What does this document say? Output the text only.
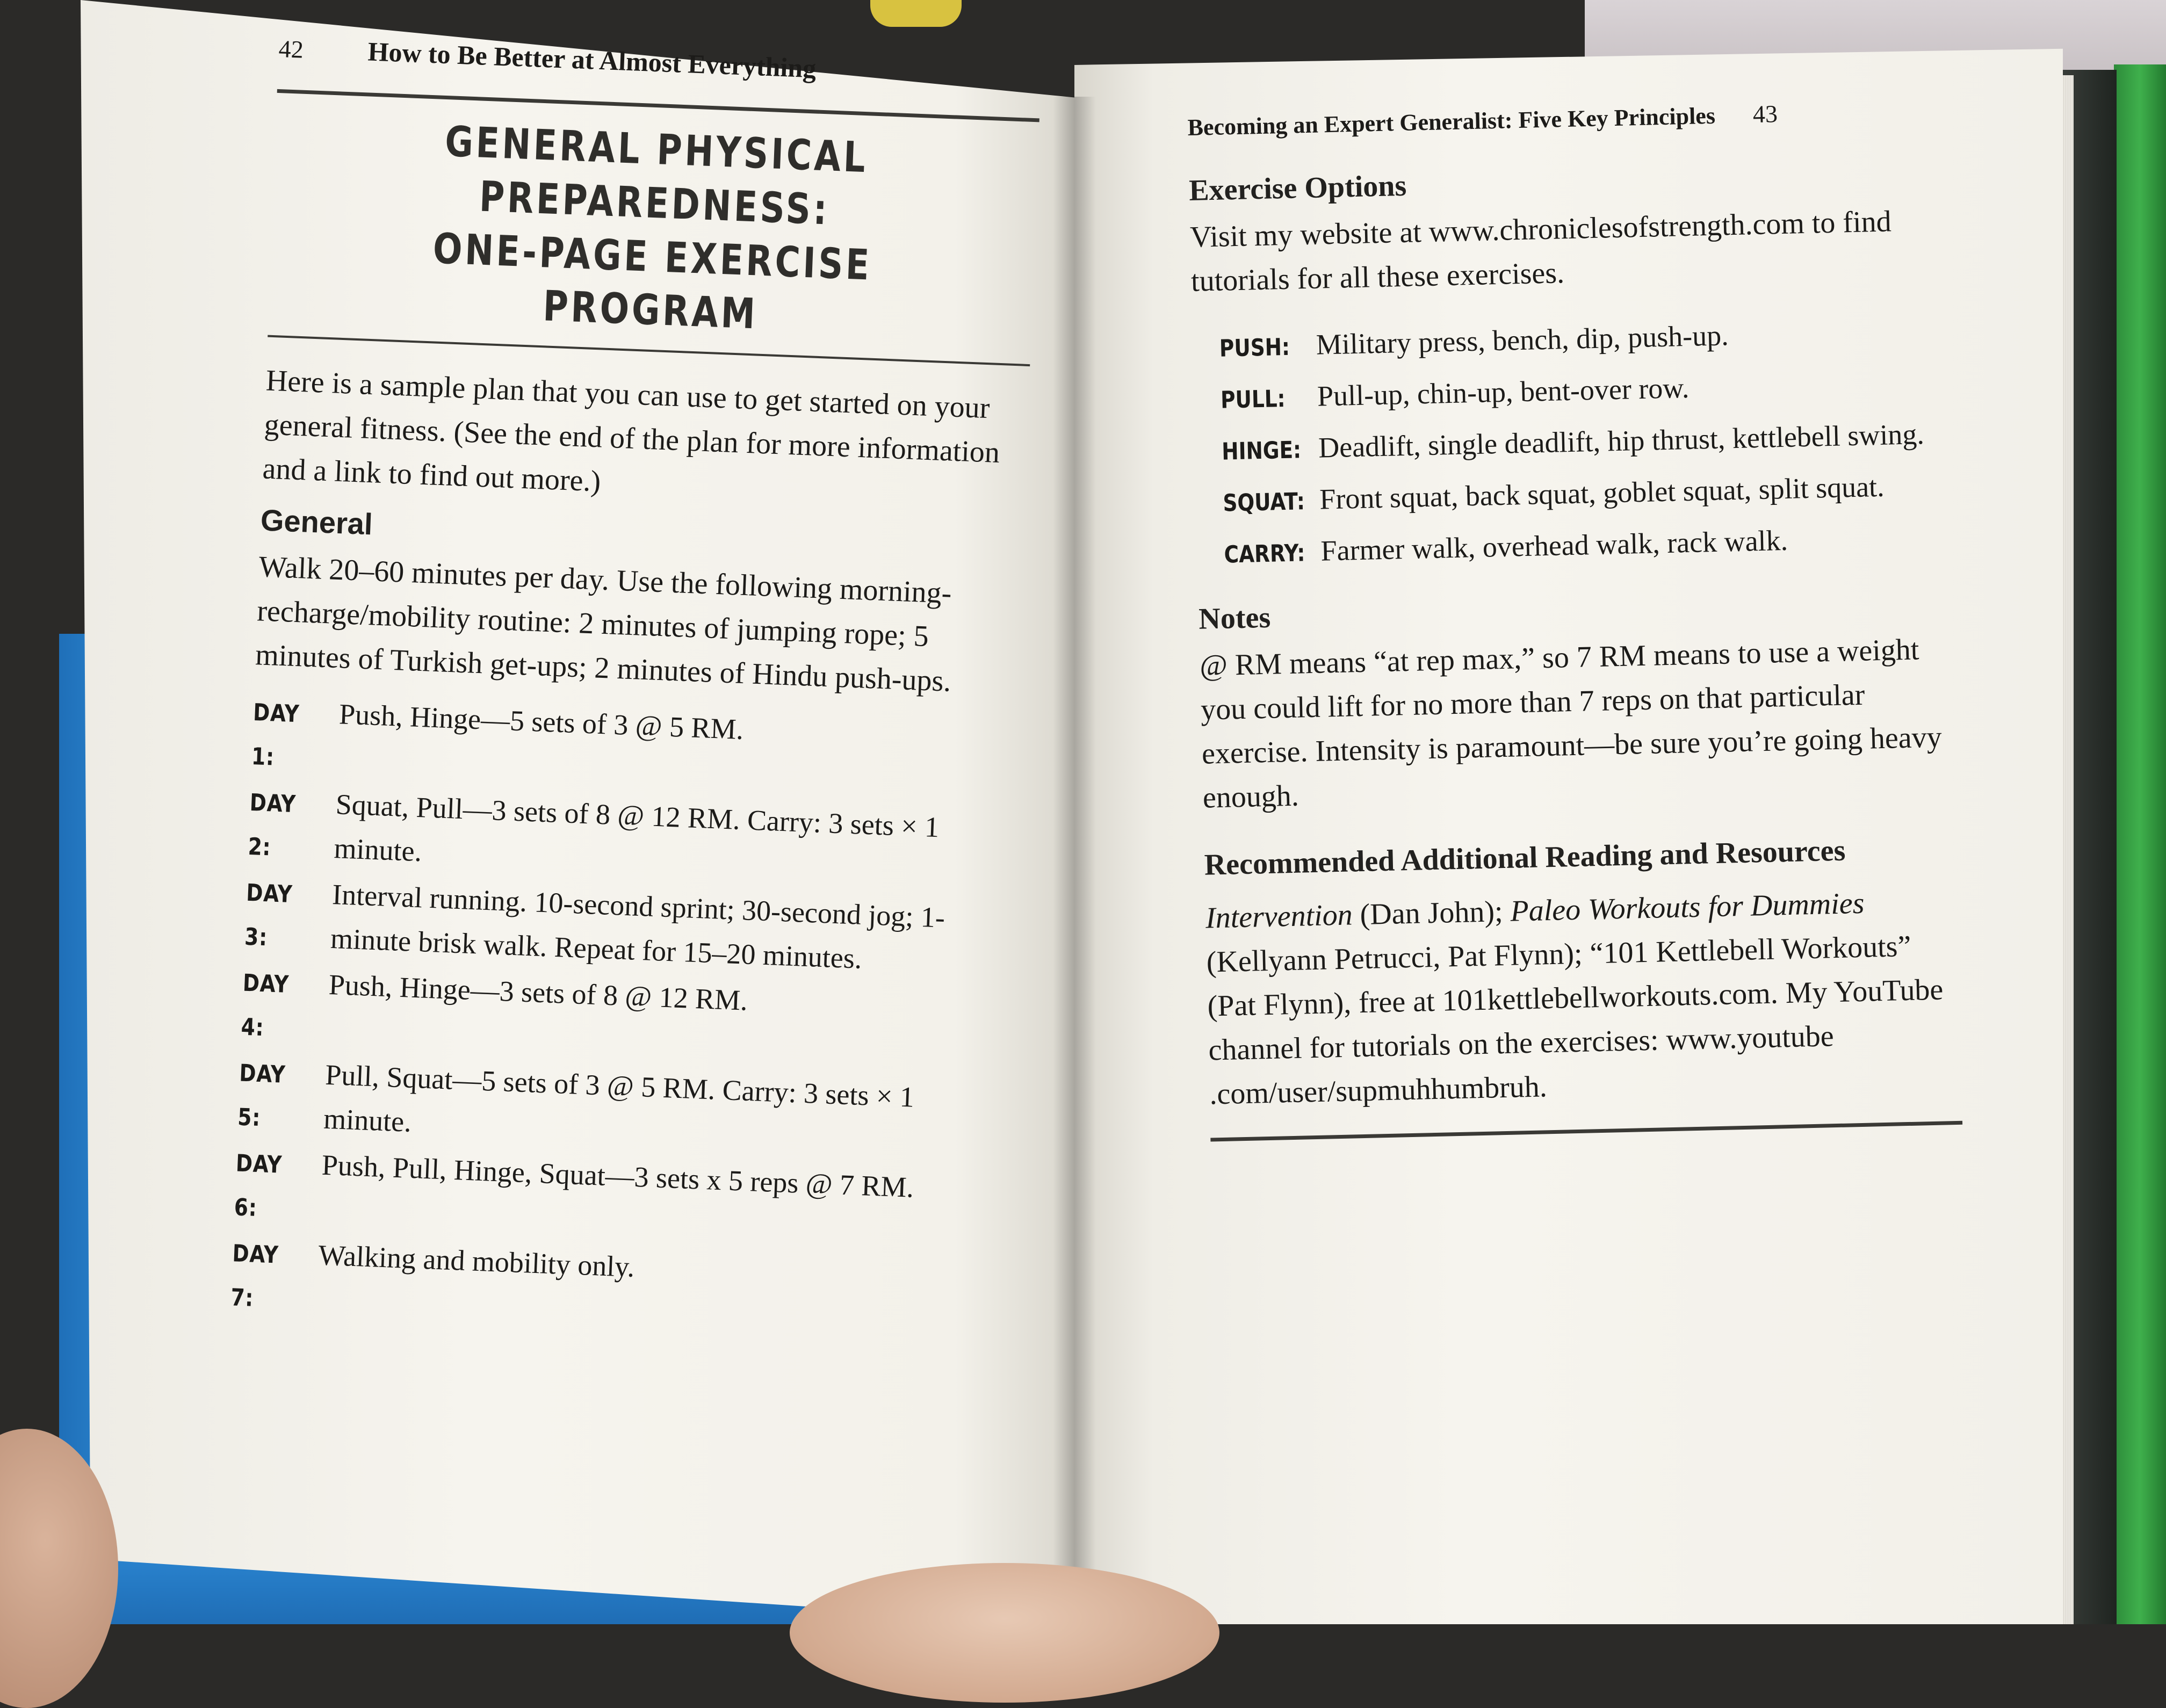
42 How to Be Better at Almost Everything
GENERAL PHYSICAL PREPAREDNESS:
ONE-PAGE EXERCISE PROGRAM

Here is a sample plan that you can use to get started on your general fitness. (See the end of the plan for more information and a link to find out more.)

General

Walk 20–60 minutes per day. Use the following morning-recharge/mobility routine: 2 minutes of jumping rope; 5 minutes of Turkish get-ups; 2 minutes of Hindu push-ups.

DAY 1:
Push, Hinge—5 sets of 3 @ 5 RM.
DAY 2:
Squat, Pull—3 sets of 8 @ 12 RM. Carry: 3 sets × 1 minute.
DAY 3:
Interval running. 10-second sprint; 30-second jog; 1-minute brisk walk. Repeat for 15–20 minutes.
DAY 4:
Push, Hinge—3 sets of 8 @ 12 RM.
DAY 5:
Pull, Squat—5 sets of 3 @ 5 RM. Carry: 3 sets × 1 minute.
DAY 6:
Push, Pull, Hinge, Squat—3 sets x 5 reps @ 7 RM.
DAY 7:
Walking and mobility only.
Becoming an Expert Generalist: Five Key Principles 43
Exercise Options

Visit my website at www.chroniclesofstrength.com to find tutorials for all these exercises.

PUSH: Military press, bench, dip, push-up.
PULL:	Pull-up, chin-up, bent-over row.
HINGE: Deadlift, single deadlift, hip thrust, kettlebell swing.
SQUAT: Front squat, back squat, goblet squat, split squat.
CARRY: Farmer walk, overhead walk, rack walk.
Notes

@ RM means “at rep max,” so 7 RM means to use a weight you could lift for no more than 7 reps on that particular exercise. Intensity is paramount—be sure you’re going heavy enough.

Recommended Additional Reading and Resources

Intervention (Dan John); Paleo Workouts for Dummies (Kellyann Petrucci, Pat Flynn); “101 Kettlebell Workouts” (Pat Flynn), free at 101kettlebellworkouts.com. My YouTube channel for tutorials on the exercises: www.youtube .com/user/supmuhhumbruh.
